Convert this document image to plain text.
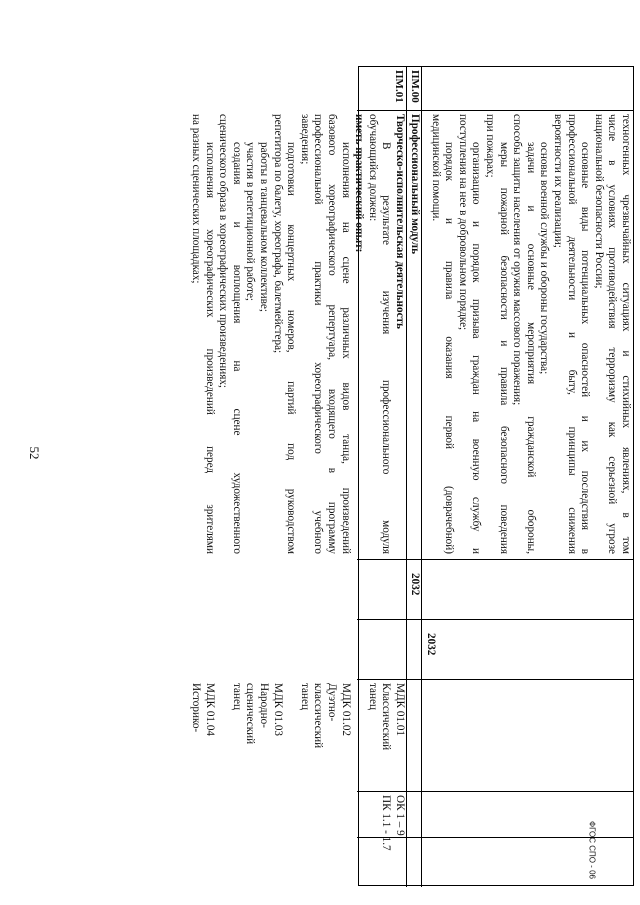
52
ФГОС СПО - 06
техногенных чрезвычайных ситуациях и стихийных явлениях, в том
числе в условиях противодействия терроризму как серьезной угрозе
национальной безопасности России;
основные виды потенциальных опасностей и их последствия в
профессиональной деятельности и быту, принципы снижения
вероятности их реализации;
основы военной службы и обороны государства;
задачи и основные мероприятия гражданской обороны,
способы защиты населения от оружия массового поражения;
меры пожарной безопасности и правила безопасного поведения
при пожарах;
организацию и порядок призыва граждан на военную службу и
поступления на нее в добровольном порядке;
порядок и правила оказания первой (доврачебной)
медицинской помощи.
ПМ.00
Профессиональный модуль
2032
2032
ПМ.01
Творческо-исполнительская деятельность
В результате изучения профессионального модуля
обучающийся должен:
иметь практический опыт:
исполнения на сцене различных видов танца, произведений
базового хореографического репертуара, входящего в программу
профессиональной практики хореографического учебного
заведения;
подготовки концертных номеров, партий под руководством
репетитора по балету, хореографа, балетмейстера;
работы в танцевальном коллективе;
участия в репетиционной работе;
создания и воплощения на сцене художественного
сценического образа в хореографических произведениях;
исполнения хореографических произведений перед зрителями
на разных сценических площадках;
МДК 01.01
Классический
танец
МДК 01.02
Дуэтно-
классический
танец
МДК 01.03
Народно-
сценический
танец
МДК 01.04
Историко-
ОК 1 – 9
ПК 1.1 - 1.7
